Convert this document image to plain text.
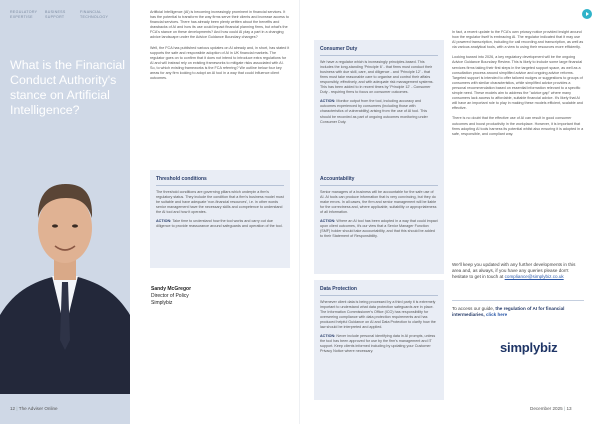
REGULATORY EXPERTISE
BUSINESS SUPPORT
FINANCIAL TECHNOLOGY
What is the Financial Conduct Authority's stance on Artificial Intelligence?
Sandy McGregor
Director of Policy
Simplybiz

Artificial Intelligence (AI) is becoming increasingly prominent in financial services. It has the potential to transform the way firms serve their clients and increase access to financial services. There has already been plenty written about the benefits and drawbacks of AI and how its use could impact financial planning firms, but what's the FCA's stance on these developments? And how could AI play a part in a changing advice landscape under the Advice Guidance Boundary changes?

Well, the FCA has published various updates on AI already and, in short, has stated it supports the safe and responsible adoption of AI in UK financial markets. The regulator goes on to confirm that it does not intend to introduce extra regulations for AI and will instead rely on existing frameworks to mitigate risks associated with AI. So, to which existing frameworks is the FCA referring? We outline below four key areas for any firm looking to adopt an AI tool in a way that could influence client outcomes.

Threshold conditions

The threshold conditions are governing pillars which underpin a firm's regulatory status. They include the condition that a firm's business model must be suitable and have adequate 'non-financial resources', i.e. in other words senior management have the necessary skills and competence to understand the AI tool and how it operates.

ACTION: Take time to understand how the tool works and carry out due diligence to provide reassurance around safeguards and operation of the tool.

12 | The Adviser Online
Consumer Duty

We have a regulator which is increasingly principles-based. This includes the long-standing 'Principle 6' - that firms must conduct their business with due skill, care, and diligence - and 'Principle 12' - that firms must take reasonable care to organise and control their affairs responsibly, effectively, and with adequate risk management systems. This has been added to in recent times by 'Principle 12' - Consumer Duty - requiring firms to focus on consumer outcomes.

ACTION: Monitor output from the tool, including accuracy and outcomes experienced by consumers (including those with characteristics of vulnerability) arising from the use of AI tool. This should be recorded as part of ongoing outcomes monitoring under Consumer Duty.

Accountability

Senior managers of a business will be accountable for the safe use of AI. AI tools can produce information that is very convincing, but they do make errors. In all cases, the firm and senior management will be liable for the correctness and, where applicable, suitability or appropriateness of all information.

ACTION: Where an AI tool has been adopted in a way that could impact upon client outcomes, it's our view that a Senior Manager Function (SMF) holder should take accountability, and that this should be added to their Statement of Responsibility.

Data Protection

Whenever client data is being processed by a third party it is extremely important to understand what data protection safeguards are in place. The Information Commissioner's Office (ICO) has responsibility for overseeing compliance with data protection requirements and has produced helpful Guidance on AI and Data Protection to clarify how the law should be interpreted and applied.

ACTION: Never include personal identifying data in AI prompts, unless the tool has been approved for use by the firm's management and IT support. Keep clients informed including by updating your Customer Privacy Notice where necessary.

In fact, a recent update to the FCA's own privacy notice provided insight around how the regulator itself is embracing AI. The regulator indicated that it may use AI powered transcription, including for call recording and transcription, as well as via various analytical tools, with a view to using their resources more efficiently.

Looking toward into 2026, a key regulatory development will be the ongoing Advice Guidance Boundary Review. This is likely to include some large financial services firms taking their first steps in the targeted support space, as well as a consultation process around simplified advice and ongoing advice reforms. Targeted support is intended to offer tailored nudges or suggestions to groups of consumers with similar characteristics, while simplified advice provides a personal recommendation based on essential information relevant to a specific simple need. These models aim to address the "advice gap" where many consumers lack access to affordable, suitable financial advice. It's likely that AI will have an important role to play in making these models efficient, scalable and effective.

There is no doubt that the effective use of AI can result in good consumer outcomes and boost productivity in the workplace. However, it is important that firms adopting AI tools harness its potential whilst also ensuring it is adopted in a safe, responsible, and compliant way.

We'll keep you updated with any further developments in this area and, as always, if you have any queries please don't hesitate to get in touch at compliance@simplybiz.co.uk
To access our guide, the regulation of AI for financial intermediaries, click here
simplybiz
December 2025 | 13
